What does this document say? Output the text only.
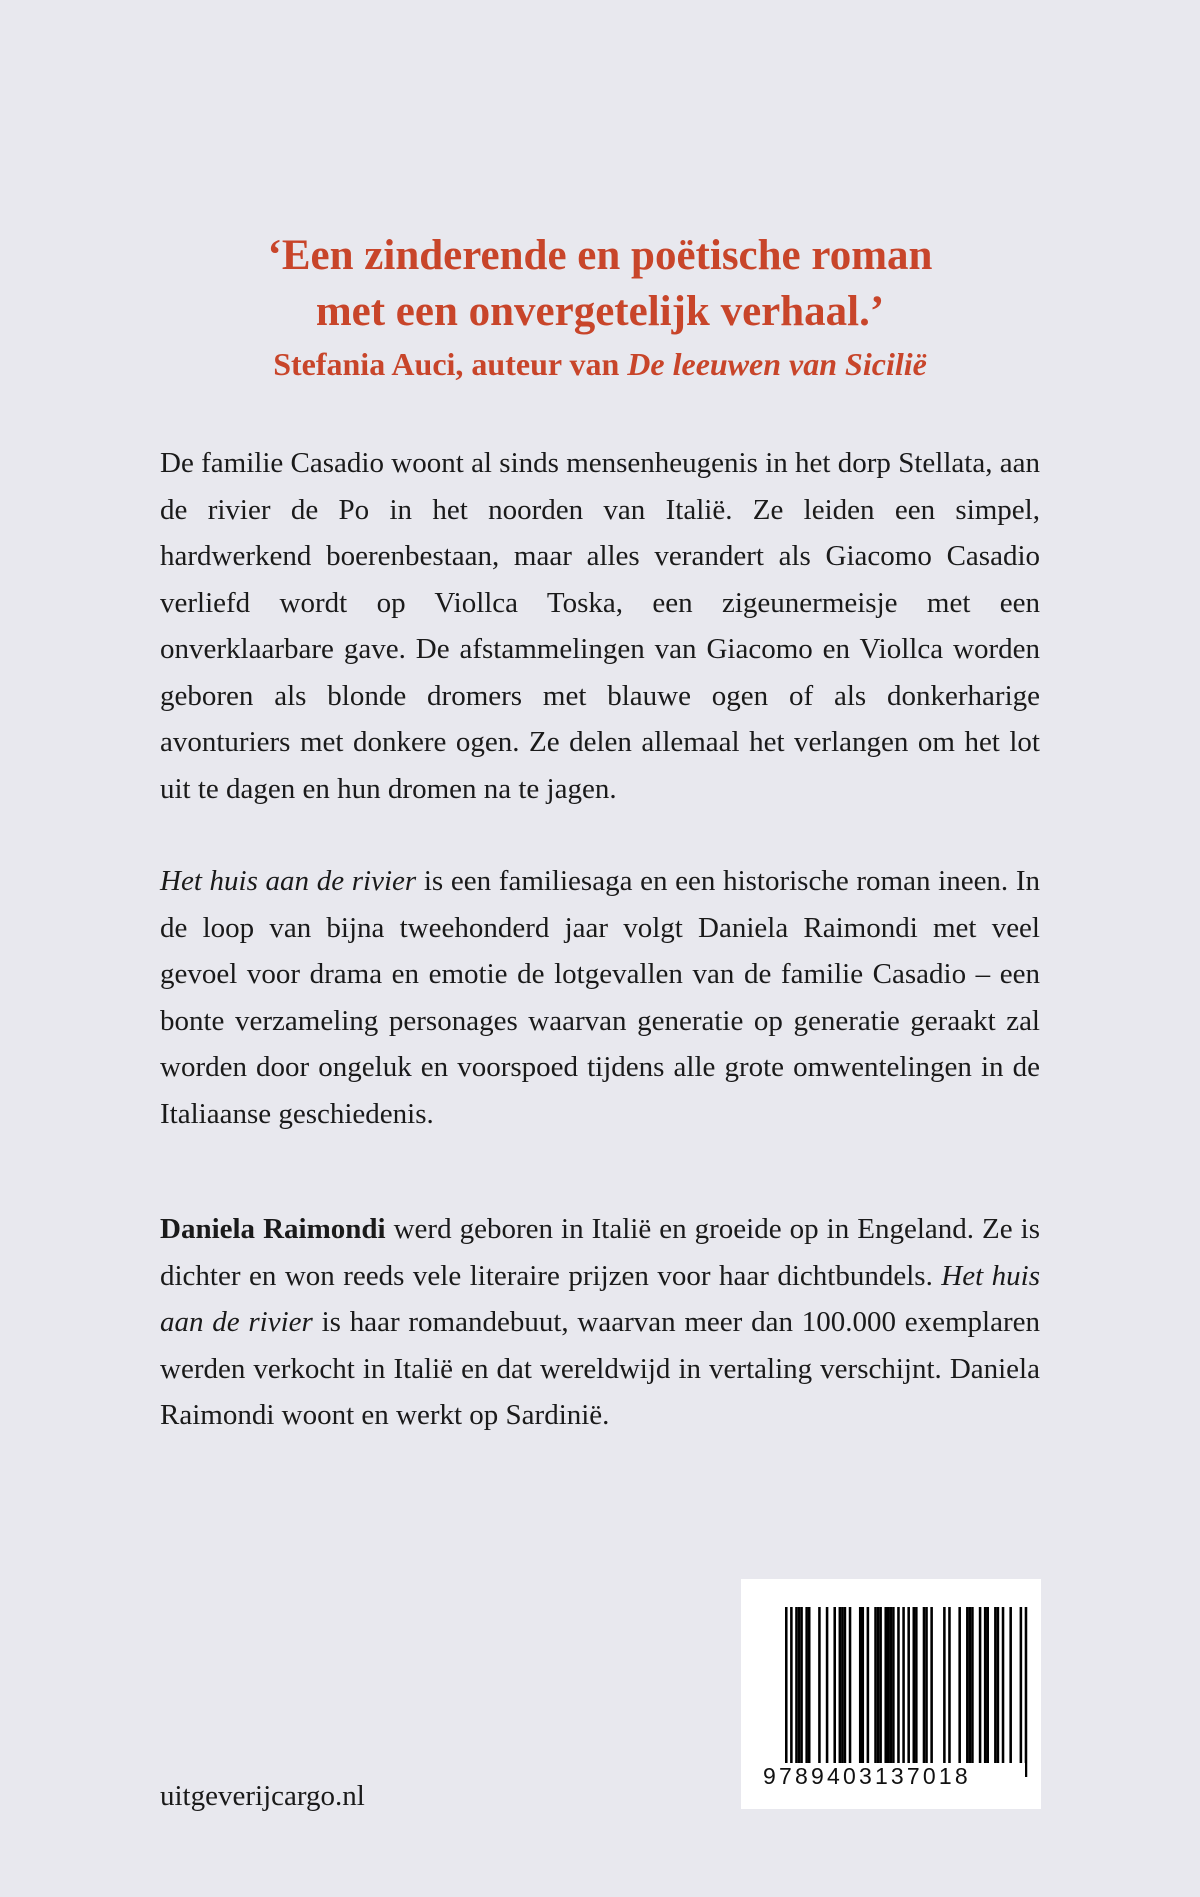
‘Een zinderende en poëtische roman

met een onvergetelijk verhaal.’

Stefania Auci, auteur van De leeuwen van Sicilië

De familie Casadio woont al sinds mensenheugenis in het dorp Stellata, aan de rivier de Po in het noorden van Italië. Ze leiden een simpel, hardwerkend boerenbestaan, maar alles verandert als Giacomo Casadio verliefd wordt op Viollca Toska, een zigeunermeisje met een onverklaarbare gave. De afstammelingen van Giacomo en Viollca worden geboren als blonde dromers met blauwe ogen of als donkerharige avonturiers met donkere ogen. Ze delen allemaal het verlangen om het lot uit te dagen en hun dromen na te jagen.

Het huis aan de rivier is een familiesaga en een historische roman ineen. In de loop van bijna tweehonderd jaar volgt Daniela Raimondi met veel gevoel voor drama en emotie de lotgevallen van de familie Casadio – een bonte verzameling personages waarvan generatie op generatie geraakt zal worden door ongeluk en voorspoed tijdens alle grote omwentelingen in de Italiaanse geschiedenis.

Daniela Raimondi werd geboren in Italië en groeide op in Engeland. Ze is dichter en won reeds vele literaire prijzen voor haar dichtbundels. Het huis aan de rivier is haar romandebuut, waarvan meer dan 100.000 exemplaren werden verkocht in Italië en dat wereldwijd in vertaling verschijnt. Daniela Raimondi woont en werkt op Sardinië.

uitgeverijcargo.nl
9789403137018
